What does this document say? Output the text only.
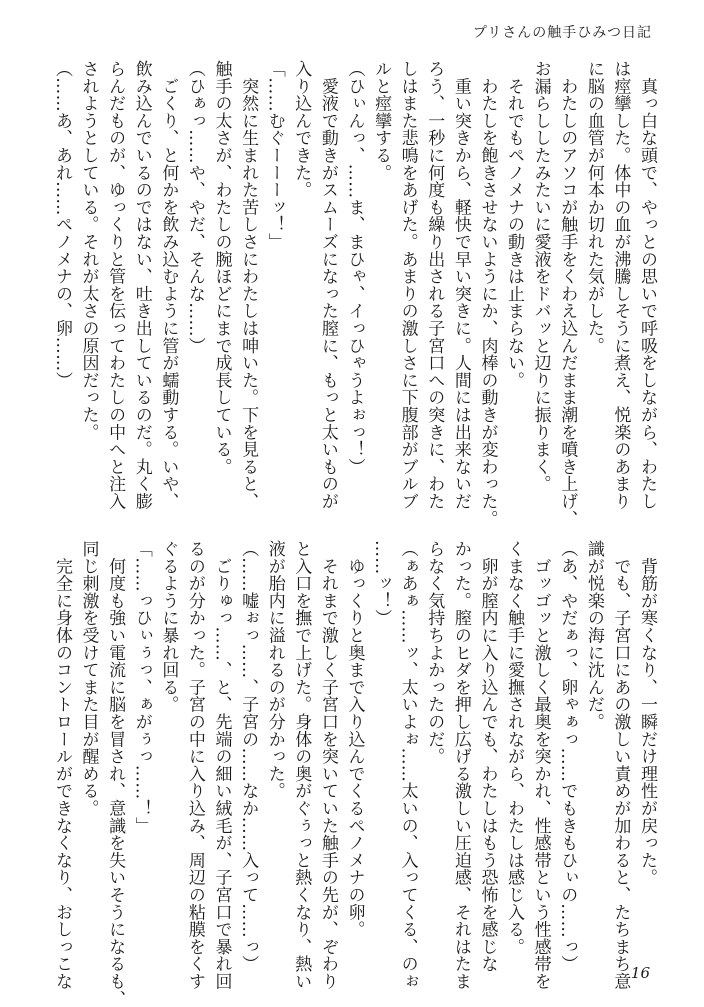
プリさんの触手ひみつ日記
　真っ白な頭で、やっとの思いで呼吸をしながら、わたし
は痙攣した。体中の血が沸騰しそうに煮え、悦楽のあまり
に脳の血管が何本か切れた気がした。
　わたしのアソコが触手をくわえ込んだまま潮を噴き上げ、
お漏らししたみたいに愛液をドバッと辺りに振りまく。
　それでもペノメナの動きは止まらない。
　わたしを飽きさせないようにか、肉棒の動きが変わった。
　重い突きから、軽快で早い突きに。人間には出来ないだ
ろう、一秒に何度も繰り出される子宮口への突きに、わた
しはまた悲鳴をあげた。あまりの激しさに下腹部がブルブ
ルと痙攣する。
（ひぃんっ、……ま、まひゃ、イっひゃうよぉっ！）
　愛液で動きがスムーズになった膣に、もっと太いものが
入り込んできた。
「……むぐーーーッ！」
　突然に生まれた苦しさにわたしは呻いた。下を見ると、
触手の太さが、わたしの腕ほどにまで成長している。
（ひぁっ……や、やだ、そんな……）
　ごくり、と何かを飲み込むように管が蠕動する。いや、
飲み込んでいるのではない、吐き出しているのだ。丸く膨
らんだものが、ゆっくりと管を伝ってわたしの中へと注入
されようとしている。それが太さの原因だった。
（……あ、あれ……ペノメナの、卵……）
　背筋が寒くなり、一瞬だけ理性が戻った。
　でも、子宮口にあの激しい責めが加わると、たちまち意
識が悦楽の海に沈んだ。
（あ、やだぁっ、卵ゃぁっ……でもきもひぃの……っ）
　ゴッゴッと激しく最奥を突かれ、性感帯という性感帯を
くまなく触手に愛撫されながら、わたしは感じ入る。
　卵が膣内に入り込んでも、わたしはもう恐怖を感じな
かった。膣のヒダを押し広げる激しい圧迫感、それはたま
らなく気持ちよかったのだ。
（ぁあぁ……ッ、太いよぉ……太いの、入ってくる、のぉ
……ッ！）
　ゆっくりと奥まで入り込んでくるペノメナの卵。
　それまで激しく子宮口を突いていた触手の先が、ぞわり
と入口を撫で上げた。身体の奥がぐぅっと熱くなり、熱い
液が胎内に溢れるのが分かった。
（……嘘ぉっ……、子宮の……なか……入って……っ）
　ごりゅっ……、と、先端の細い絨毛が、子宮口で暴れ回
るのが分かった。子宮の中に入り込み、周辺の粘膜をくす
ぐるように暴れ回る。
「……っひぃぅっ、ぁがぅっ……！」
　何度も強い電流に脳を冒され、意識を失いそうになるも、
同じ刺激を受けてまた目が醒める。
　完全に身体のコントロールができなくなり、おしっこな	16
